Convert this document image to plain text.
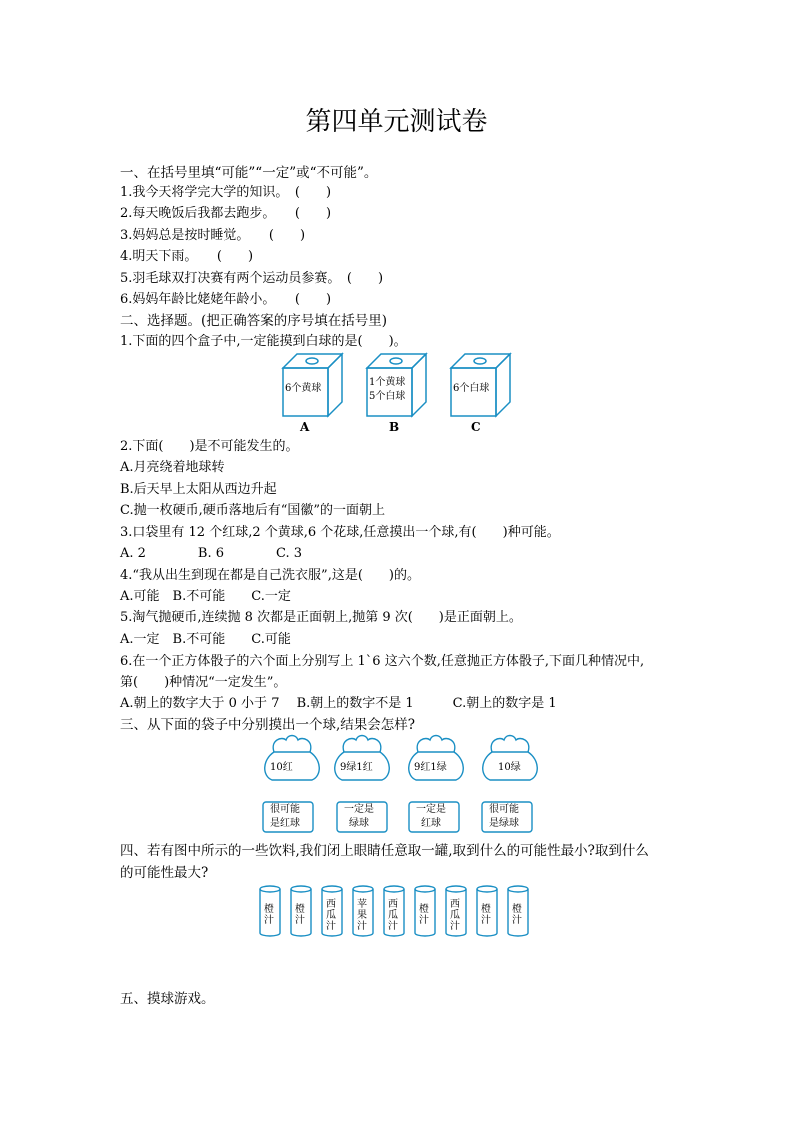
第四单元测试卷
一、在括号里填“可能”“一定”或“不可能”。
1.我今天将学完大学的知识。　(　　)
2.每天晚饭后我都去跑步。　　(　　)
3.妈妈总是按时睡觉。　　(　　)
4.明天下雨。　　(　　)
5.羽毛球双打决赛有两个运动员参赛。　(　　)
6.妈妈年龄比姥姥年龄小。　　(　　)
二、选择题。(把正确答案的序号填在括号里)
1.下面的四个盒子中,一定能摸到白球的是(　　)。
6个黄球
1个黄球
5个白球
6个白球
A	B	C
2.下面(　　)是不可能发生的。
A.月亮绕着地球转
B.后天早上太阳从西边升起
C.抛一枚硬币,硬币落地后有“国徽”的一面朝上
3.口袋里有 12 个红球,2 个黄球,6 个花球,任意摸出一个球,有(　　)种可能。
A. 2　　　　B. 6　　　　C. 3
4.“我从出生到现在都是自己洗衣服”,这是(　　)的。
A.可能　B.不可能　　C.一定
5.淘气抛硬币,连续抛 8 次都是正面朝上,抛第 9 次(　　)是正面朝上。
A.一定　B.不可能　　C.可能
6.在一个正方体骰子的六个面上分别写上 1`6 这六个数,任意抛正方体骰子,下面几种情况中,
第(　　)种情况“一定发生”。
A.朝上的数字大于 0 小于 7　 B.朝上的数字不是 1　　　C.朝上的数字是 1
三、从下面的袋子中分别摸出一个球,结果会怎样?
10红	9绿1红	9红1绿	10绿
很可能
是红球
一定是
绿球
一定是
红球
很可能
是绿球
四、若有图中所示的一些饮料,我们闭上眼睛任意取一罐,取到什么的可能性最小?取到什么
的可能性最大?
橙
汁
橙
汁
西
瓜
汁
苹
果
汁
西
瓜
汁
橙
汁
西
瓜
汁
橙
汁
橙
汁
五、摸球游戏。
